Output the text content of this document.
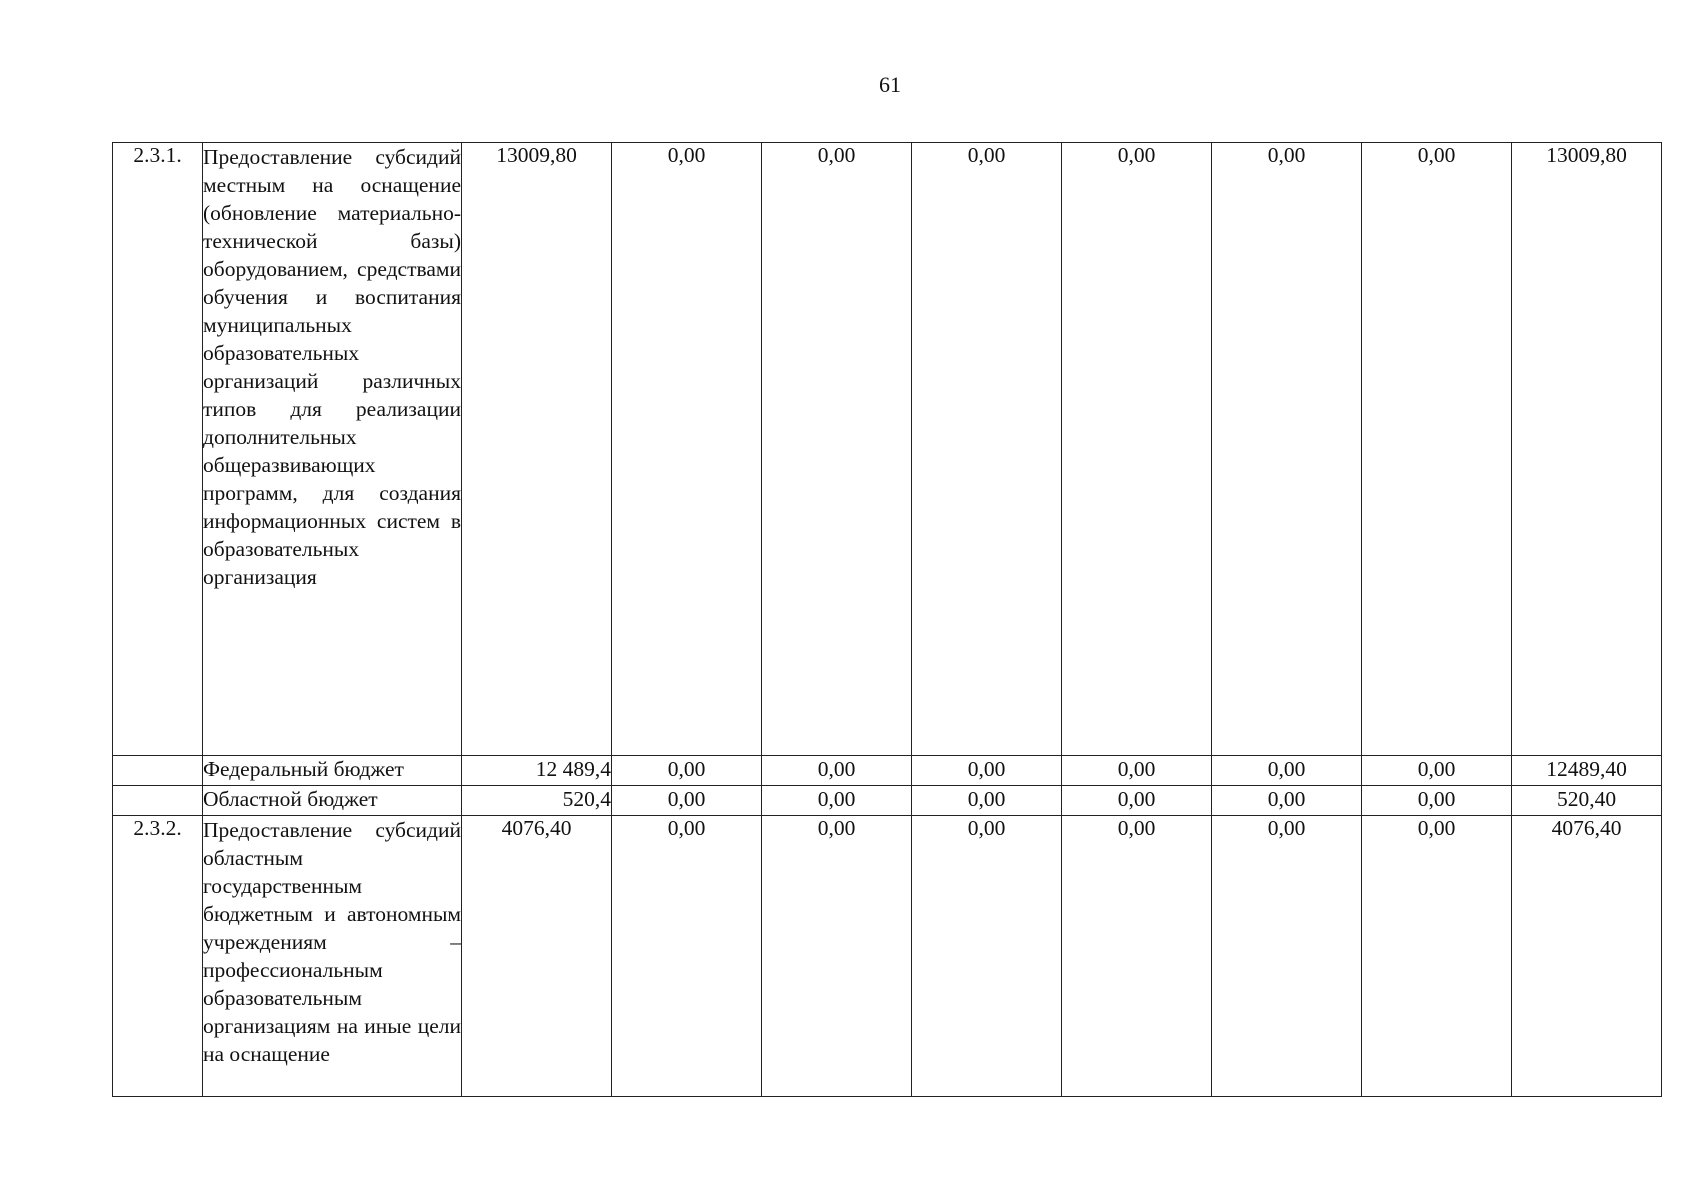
61
2.3.1.	Предоставление субсидий местным на оснащение (обновление материально-технической базы) оборудованием, средствами обучения и воспитания муниципальных образовательных организаций различных типов для реализации дополнительных общеразвивающих программ, для создания информационных систем в образовательных организация	13009,80	0,00	0,00	0,00	0,00	0,00	0,00	13009,80
	Федеральный бюджет	12 489,4	0,00	0,00	0,00	0,00	0,00	0,00	12489,40
	Областной бюджет	520,4	0,00	0,00	0,00	0,00	0,00	0,00	520,40
2.3.2.	Предоставление субсидий областным государственным бюджетным и автономным учреждениям – профессиональным образовательным организациям на иные цели на оснащение	4076,40	0,00	0,00	0,00	0,00	0,00	0,00	4076,40
